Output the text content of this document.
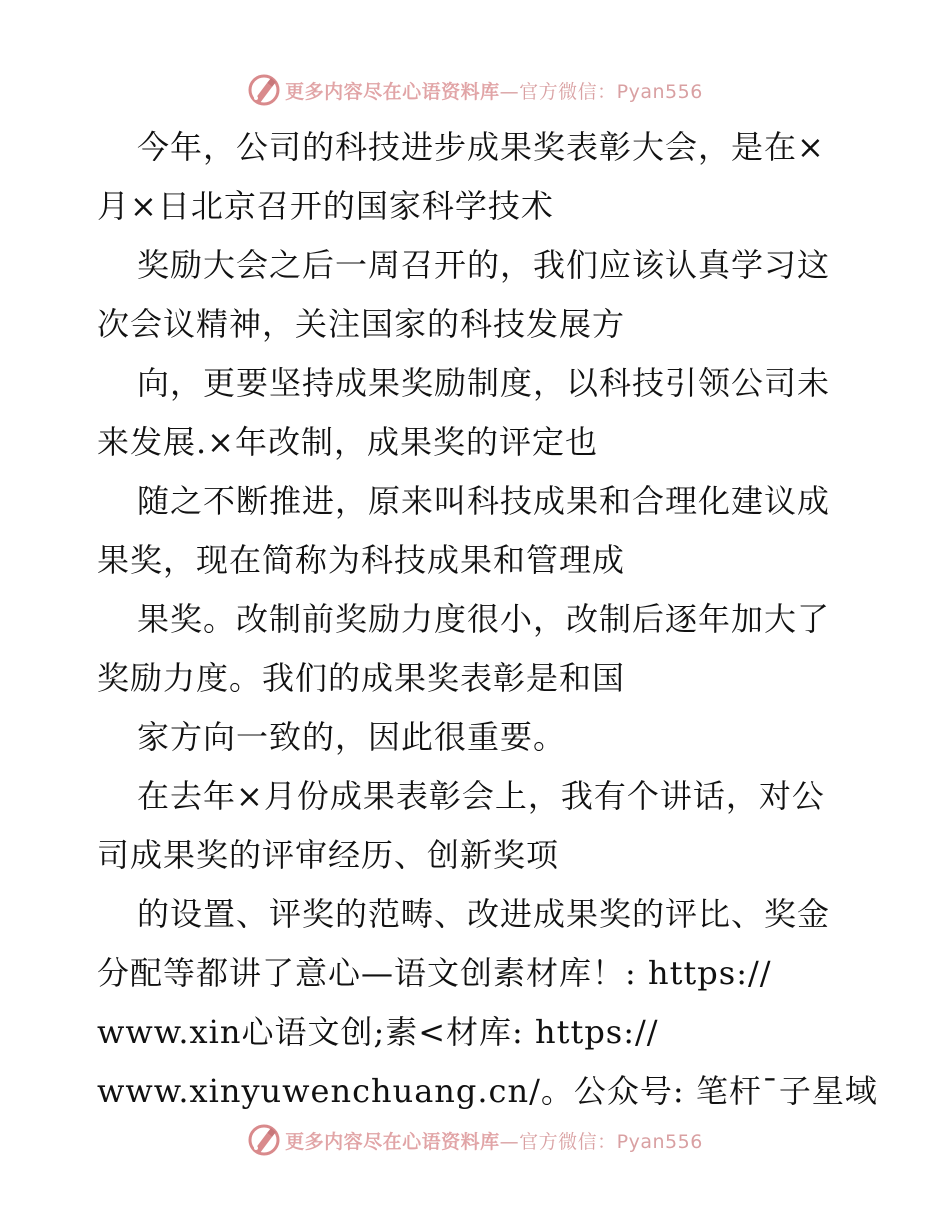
更多内容尽在心语资料库—官方微信：Pyan556
今年，公司的科技进步成果奖表彰大会，是在×
月×日北京召开的国家科学技术
奖励大会之后一周召开的，我们应该认真学习这
次会议精神，关注国家的科技发展方
向，更要坚持成果奖励制度，以科技引领公司未
来发展.×年改制，成果奖的评定也
随之不断推进，原来叫科技成果和合理化建议成
果奖，现在简称为科技成果和管理成
果奖。改制前奖励力度很小，改制后逐年加大了
奖励力度。我们的成果奖表彰是和国
家方向一致的，因此很重要。
在去年×月份成果表彰会上，我有个讲话，对公
司成果奖的评审经历、创新奖项
的设置、评奖的范畴、改进成果奖的评比、奖金
分配等都讲了意心—语文创素材库！: https://
www.xin心语文创;素<材库: https://
www.xinyuwenchuang.cn/。公众号: 笔杆¯子星域
更多内容尽在心语资料库—官方微信：Pyan556
